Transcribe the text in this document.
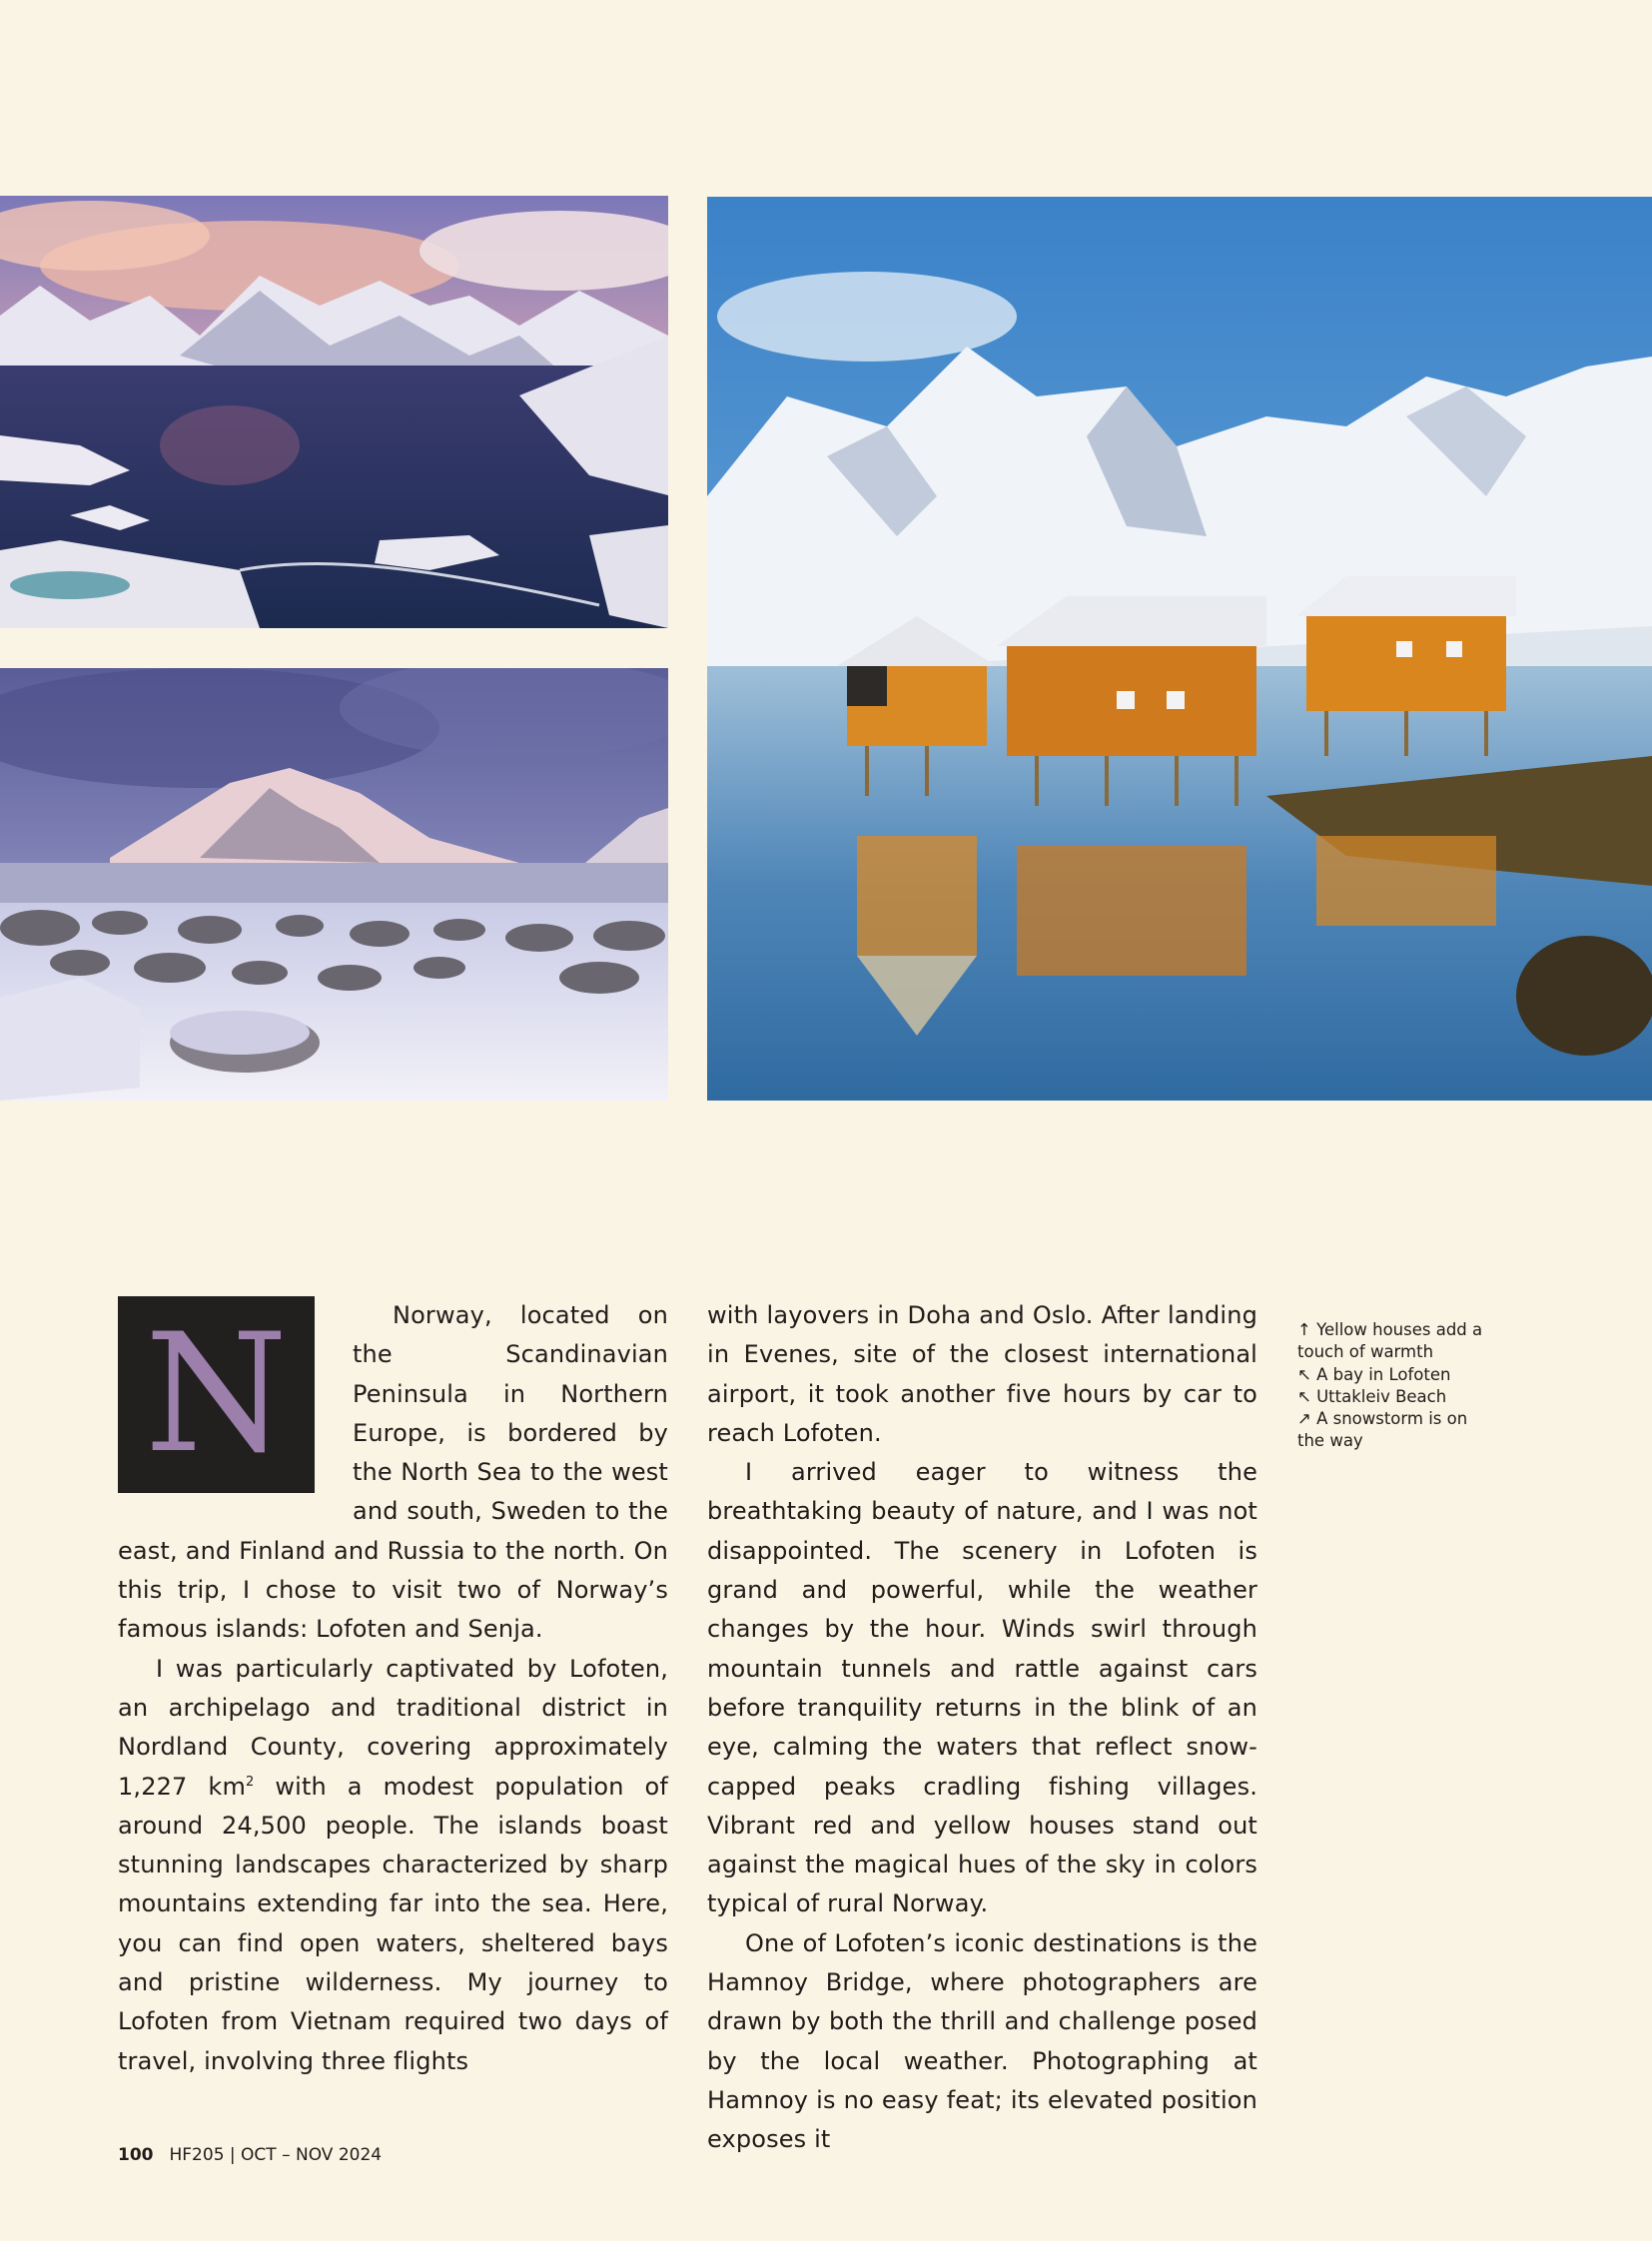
N	Norway, located on the Scandinavian Peninsula in Northern Europe, is bordered by the North Sea to the west and south, Sweden to the east, and Finland and Russia to the north. On this trip, I chose to visit two of Norway’s famous islands: Lofoten and Senja.

I was particularly captivated by Lofoten, an archipelago and traditional district in Nordland County, covering approximately 1,227 $km^2$ with a modest population of around 24,500 people. The islands boast stunning landscapes characterized by sharp mountains extending far into the sea. Here, you can find open waters, sheltered bays and pristine wilderness. My journey to Lofoten from Vietnam required two days of travel, involving three flights

with layovers in Doha and Oslo. After landing in Evenes, site of the closest international airport, it took another five hours by car to reach Lofoten.

I arrived eager to witness the breathtaking beauty of nature, and I was not disappointed. The scenery in Lofoten is grand and powerful, while the weather changes by the hour. Winds swirl through mountain tunnels and rattle against cars before tranquility returns in the blink of an eye, calming the waters that reflect snow-capped peaks cradling fishing villages. Vibrant red and yellow houses stand out against the magical hues of the sky in colors typical of rural Norway.

One of Lofoten’s iconic destinations is the Hamnoy Bridge, where photographers are drawn by both the thrill and challenge posed by the local weather. Photographing at Hamnoy is no easy feat; its elevated position exposes it

↑ Yellow houses add a touch of warmth
↖ A bay in Lofoten
↖ Uttakleiv Beach
↗ A snowstorm is on the way
100 HF205 | OCT – NOV 2024
